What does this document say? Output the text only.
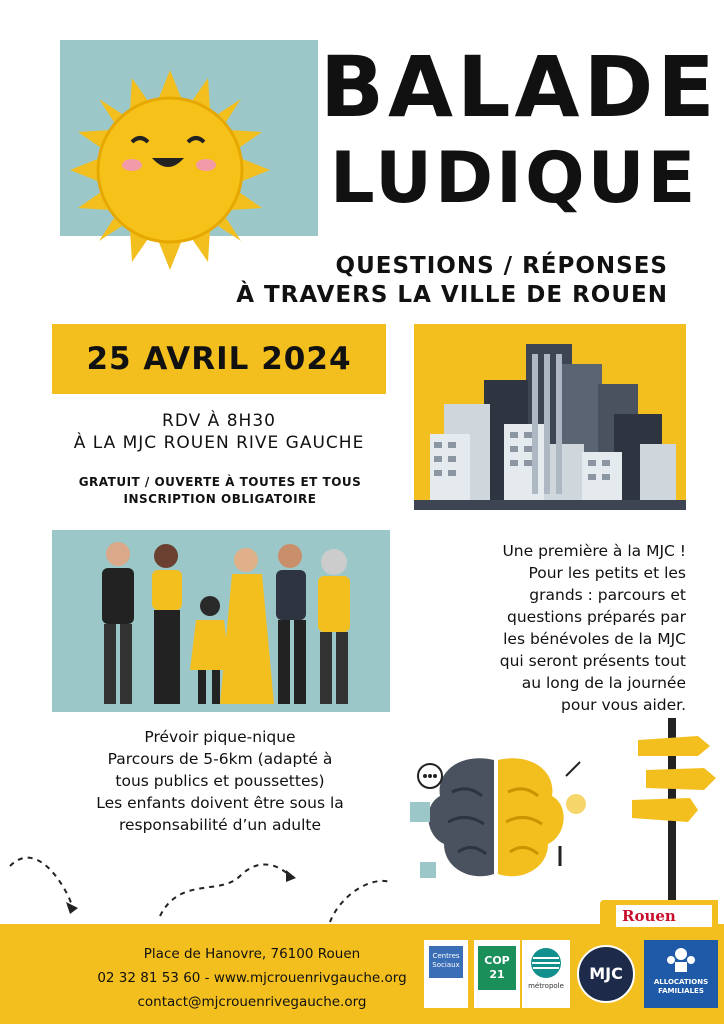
BALADE
LUDIQUE
QUESTIONS / RÉPONSES
À TRAVERS LA VILLE DE ROUEN
25 AVRIL 2024
RDV À 8H30
À LA MJC ROUEN RIVE GAUCHE
GRATUIT / OUVERTE À TOUTES ET TOUS
INSCRIPTION OBLIGATOIRE
Une première à la MJC !
Pour les petits et les
grands : parcours et
questions préparés par
les bénévoles de la MJC
qui seront présents tout
au long de la journée
pour vous aider.
Prévoir pique-nique
Parcours de 5-6km (adapté à
tous publics et poussettes)
Les enfants doivent être sous la
responsabilité d’un adulte
Rouen
Place de Hanovre, 76100 Rouen
02 32 81 53 60 - www.mjcrouenrivgauche.org
contact@mjcrouenrivegauche.org
Centres Sociaux	COP 21
métropole
MJC	ALLOCATIONS FAMILIALES
